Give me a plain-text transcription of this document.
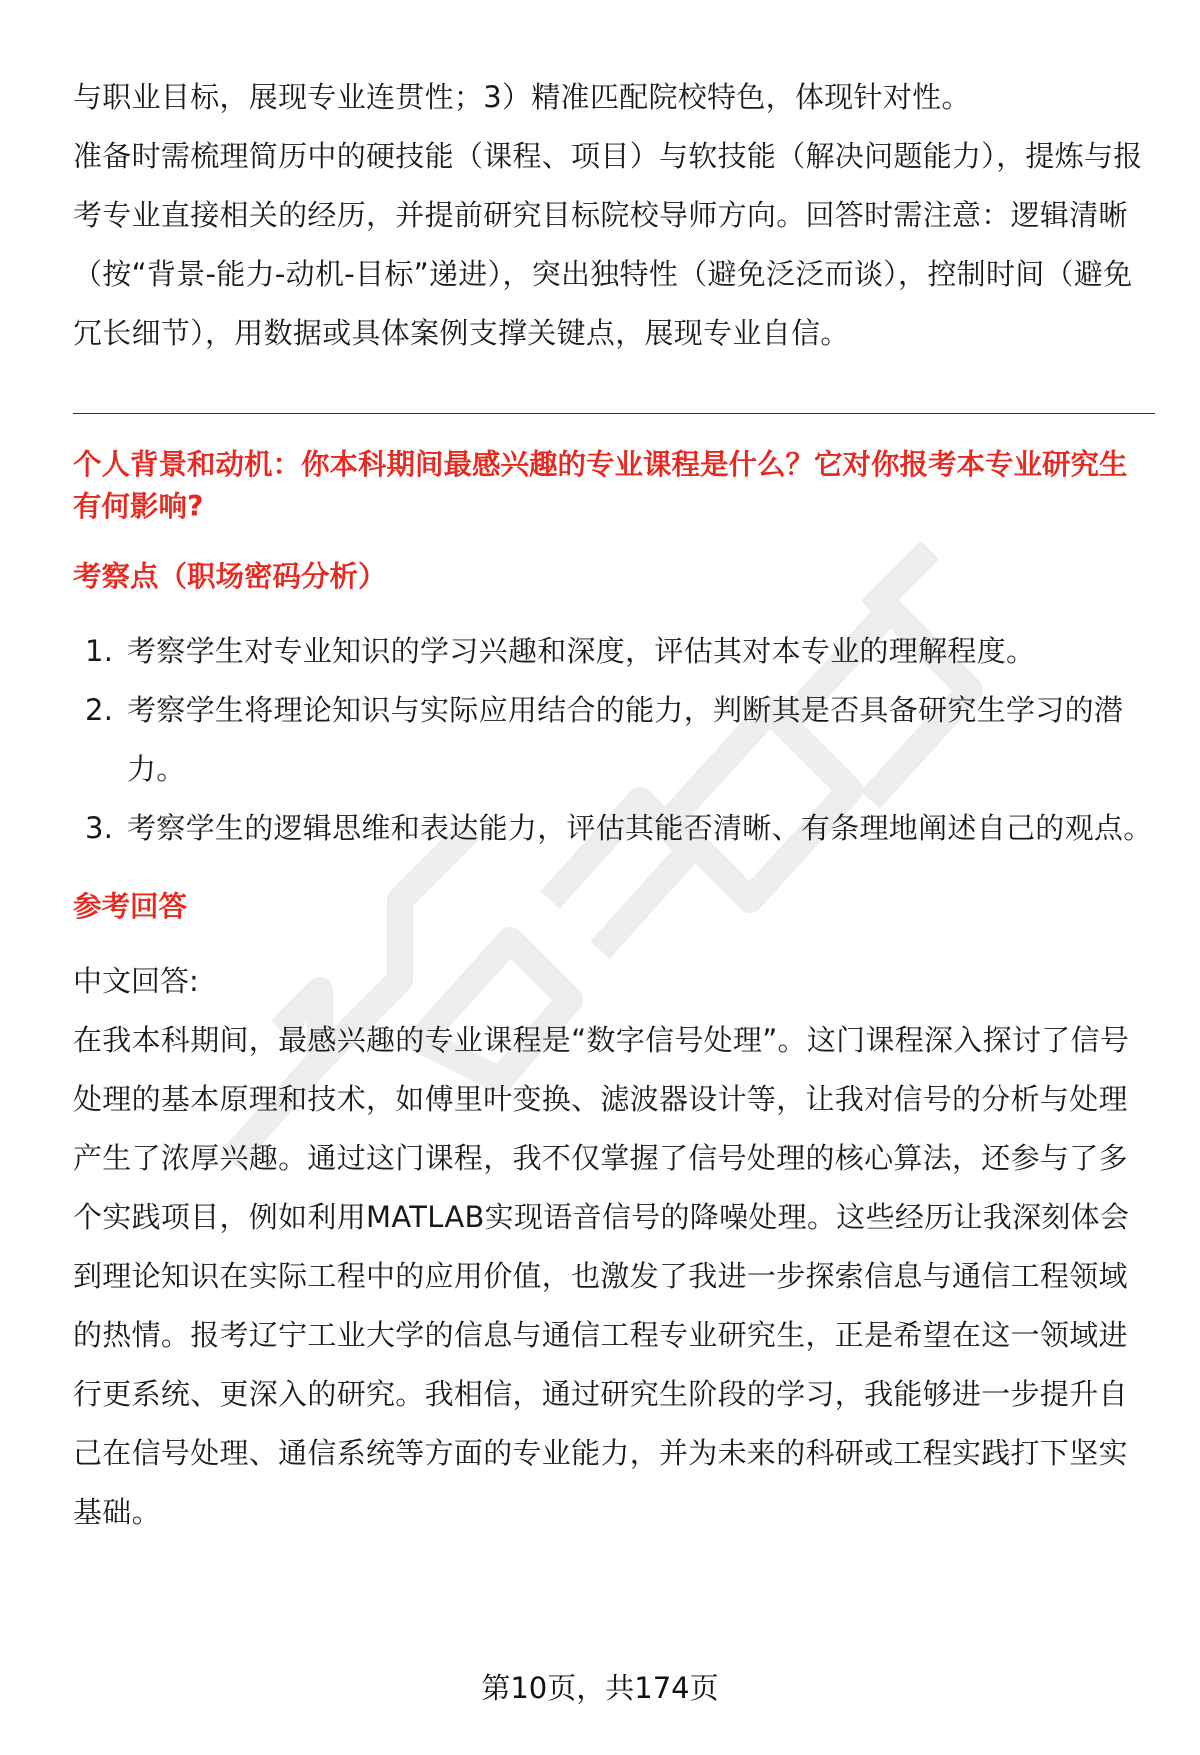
与职业目标，展现专业连贯性；3）精准匹配院校特色，体现针对性。

准备时需梳理简历中的硬技能（课程、项目）与软技能（解决问题能力），提炼与报考专业直接相关的经历，并提前研究目标院校导师方向。回答时需注意：逻辑清晰（按“背景-能力-动机-目标”递进），突出独特性（避免泛泛而谈），控制时间（避免冗长细节），用数据或具体案例支撑关键点，展现专业自信。

个人背景和动机：你本科期间最感兴趣的专业课程是什么？它对你报考本专业研究生有何影响?

考察点（职场密码分析）

1. 考察学生对专业知识的学习兴趣和深度，评估其对本专业的理解程度。
2. 考察学生将理论知识与实际应用结合的能力，判断其是否具备研究生学习的潜力。
3. 考察学生的逻辑思维和表达能力，评估其能否清晰、有条理地阐述自己的观点。

参考回答

中文回答:

在我本科期间，最感兴趣的专业课程是“数字信号处理”。这门课程深入探讨了信号处理的基本原理和技术，如傅里叶变换、滤波器设计等，让我对信号的分析与处理产生了浓厚兴趣。通过这门课程，我不仅掌握了信号处理的核心算法，还参与了多个实践项目，例如利用MATLAB实现语音信号的降噪处理。这些经历让我深刻体会到理论知识在实际工程中的应用价值，也激发了我进一步探索信息与通信工程领域的热情。报考辽宁工业大学的信息与通信工程专业研究生，正是希望在这一领域进行更系统、更深入的研究。我相信，通过研究生阶段的学习，我能够进一步提升自己在信号处理、通信系统等方面的专业能力，并为未来的科研或工程实践打下坚实基础。

第10页，共174页
